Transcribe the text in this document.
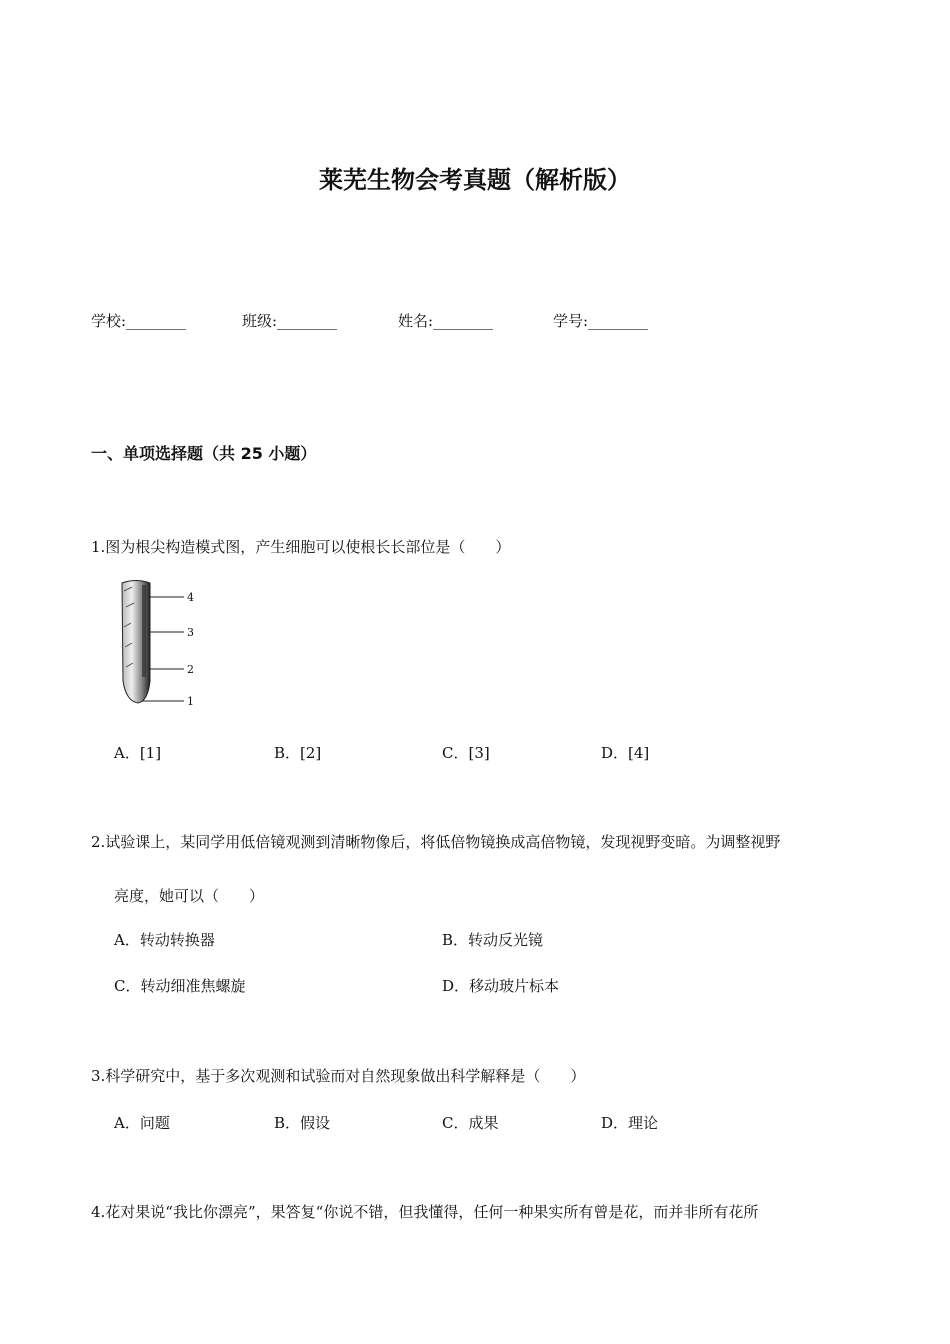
莱芜生物会考真题（解析版）
学校:________	班级:________	姓名:________	学号:________
一、单项选择题（共 25 小题）
1.图为根尖构造模式图，产生细胞可以使根长长部位是（　　）
4
3
2
1
A．[1]	B．[2]	C．[3]	D．[4]
2.试验课上，某同学用低倍镜观测到清晰物像后，将低倍物镜换成高倍物镜，发现视野变暗。为调整视野
亮度，她可以（　　）
A．转动转换器	B．转动反光镜
C．转动细准焦螺旋	D．移动玻片标本
3.科学研究中，基于多次观测和试验而对自然现象做出科学解释是（　　）
A．问题	B．假设	C．成果	D．理论
4.花对果说“我比你漂亮”，果答复“你说不错，但我懂得，任何一种果实所有曾是花，而并非所有花所
